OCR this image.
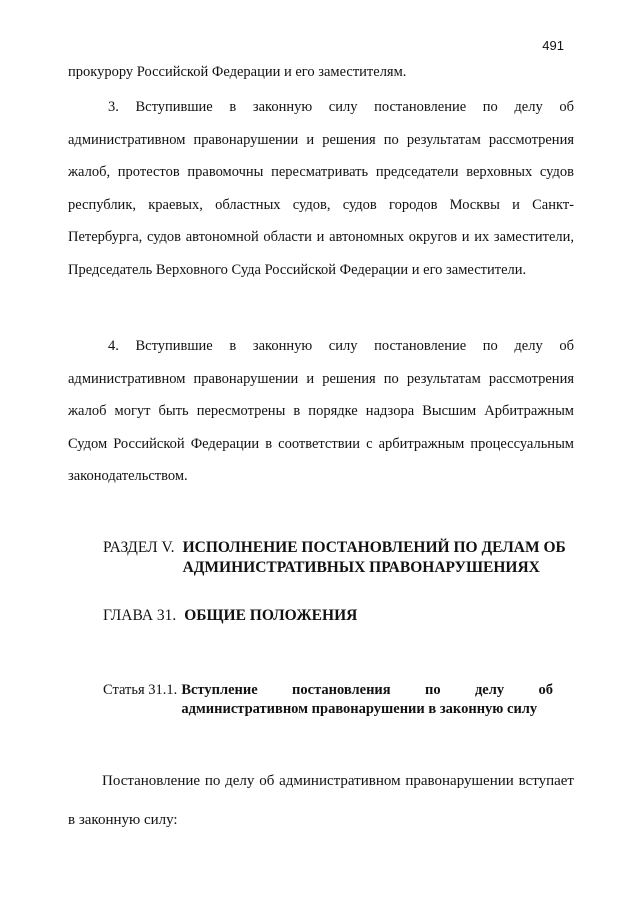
491

прокурору Российской Федерации и его заместителям.

3. Вступившие в законную силу постановление по делу об административном правонарушении и решения по результатам рассмотрения жалоб, протестов правомочны пересматривать председатели верховных судов республик, краевых, областных судов, судов городов Москвы и Санкт-Петербурга, судов автономной области и автономных округов и их заместители, Председатель Верховного Суда Российской Федерации и его заместители.

4. Вступившие в законную силу постановление по делу об административном правонарушении и решения по результатам рассмотрения жалоб могут быть пересмотрены в порядке надзора Высшим Арбитражным Судом Российской Федерации в соответствии с арбитражным процессуальным законодательством.

РАЗДЕЛ V. ИСПОЛНЕНИЕ ПОСТАНОВЛЕНИЙ ПО ДЕЛАМ ОБ АДМИНИСТРАТИВНЫХ ПРАВОНАРУШЕНИЯХ
ГЛАВА 31. ОБЩИЕ ПОЛОЖЕНИЯ
Статья 31.1. Вступление постановления по делу об административном правонарушении в законную силу

Постановление по делу об административном правонарушении вступает в законную силу:
